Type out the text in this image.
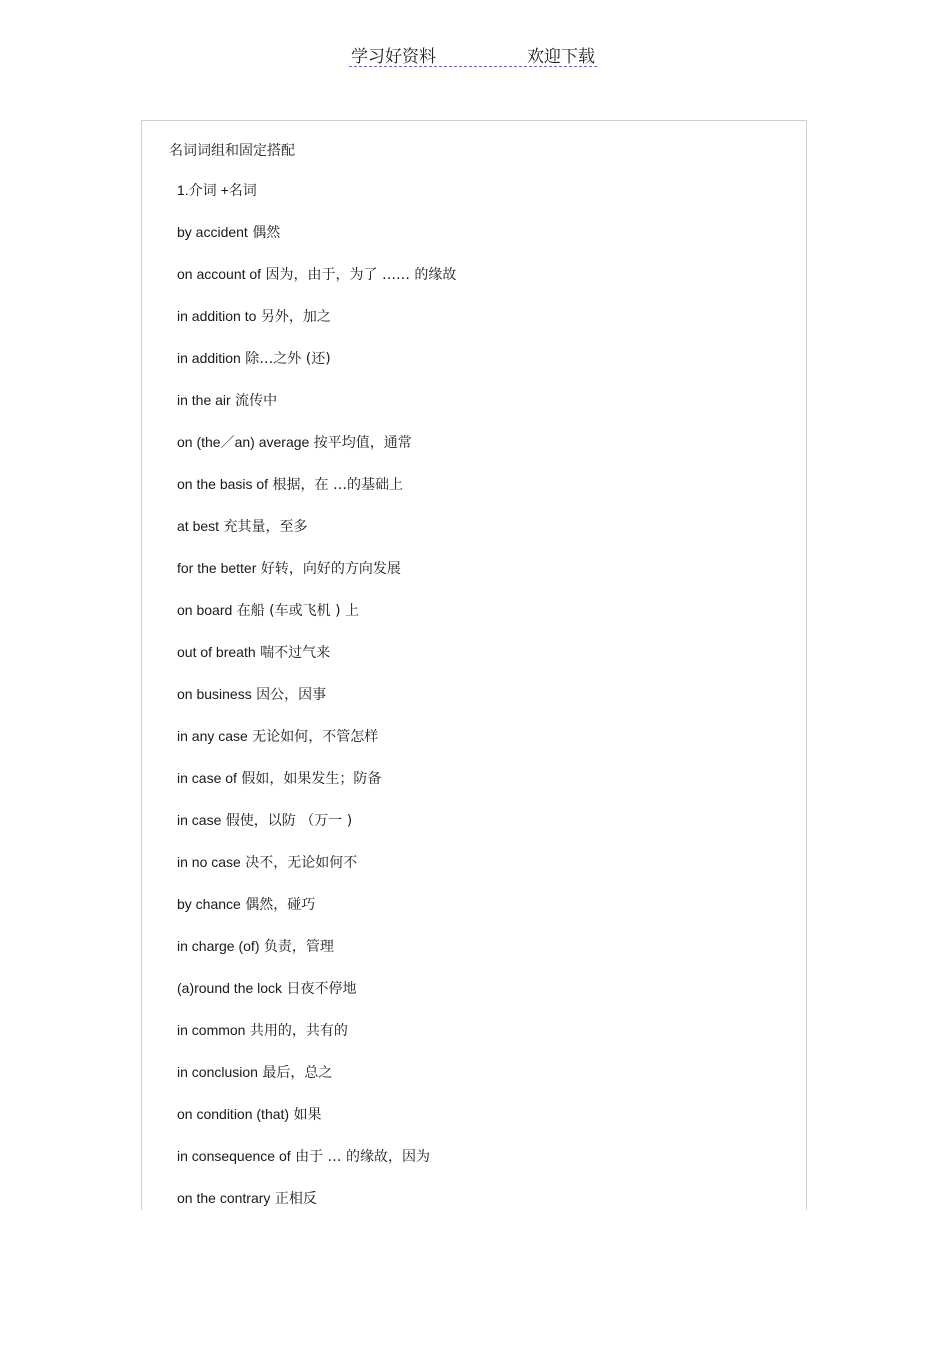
学习好资料	欢迎下载
名词词组和固定搭配
1.介词 +名词
by accident 偶然
on account of 因为，由于，为了 …… 的缘故
in addition to 另外，加之
in addition 除…之外 (还)
in the air 流传中
on (the／an) average 按平均值，通常
on the basis of 根据，在 …的基础上
at best 充其量，至多
for the better 好转，向好的方向发展
on board 在船 (车或飞机 ) 上
out of breath 喘不过气来
on business 因公，因事
in any case 无论如何，不管怎样
in case of 假如，如果发生；防备
in case 假使，以防 （万一 )
in no case 决不，无论如何不
by chance 偶然，碰巧
in charge (of) 负责，管理
(a)round the lock 日夜不停地
in common 共用的，共有的
in conclusion 最后，总之
on condition (that) 如果
in consequence of 由于 … 的缘故，因为
on the contrary 正相反
